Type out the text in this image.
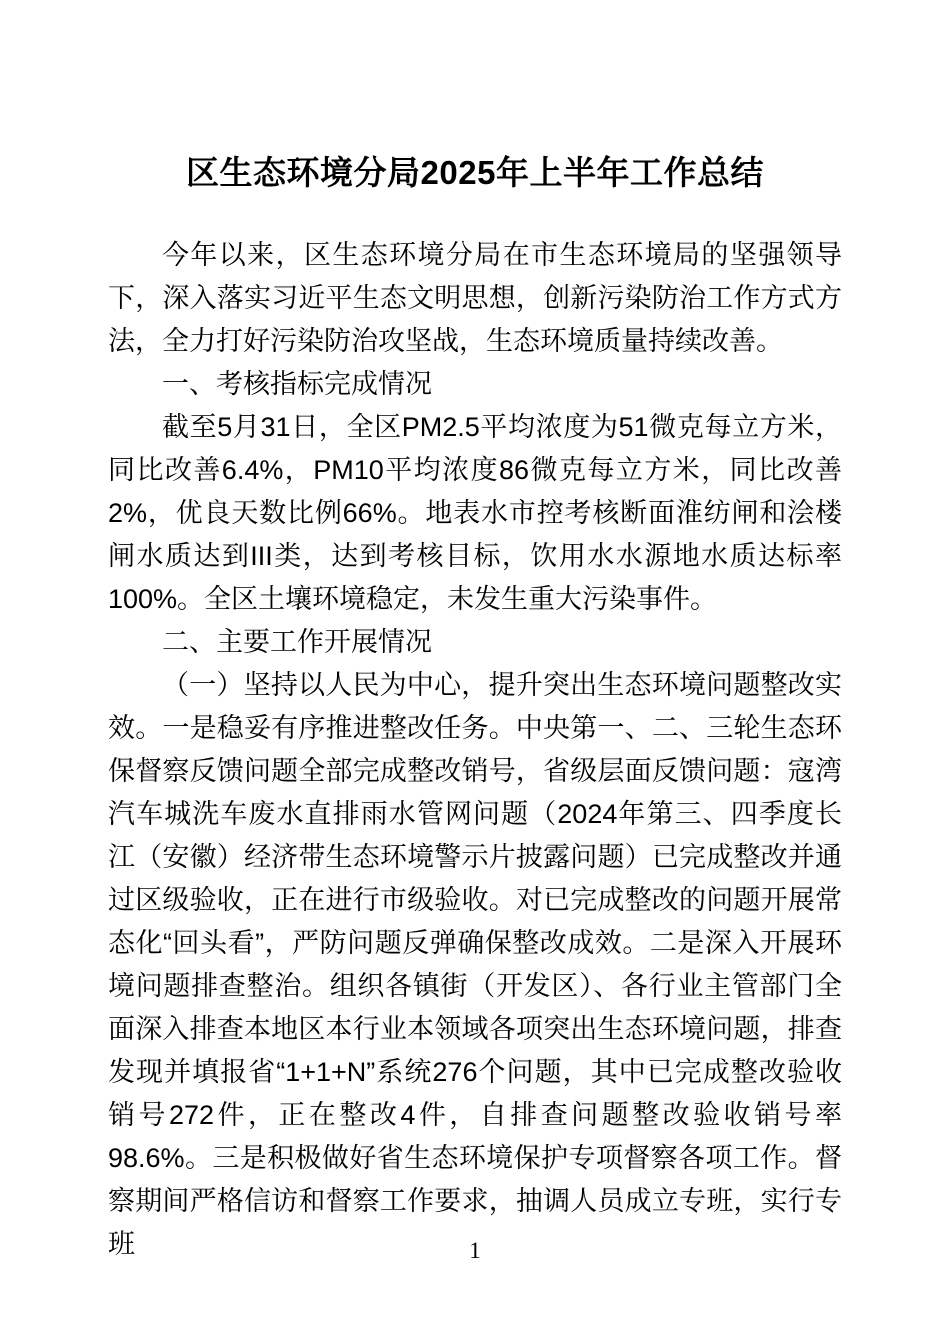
区生态环境分局2025年上半年工作总结

今年以来，区生态环境分局在市生态环境局的坚强领导下，深入落实习近平生态文明思想，创新污染防治工作方式方法，全力打好污染防治攻坚战，生态环境质量持续改善。

一、考核指标完成情况

截至5月31日，全区PM2.5平均浓度为51微克每立方米，同比改善6.4%，PM10平均浓度86微克每立方米，同比改善2%，优良天数比例66%。地表水市控考核断面淮纺闸和浍楼闸水质达到III类，达到考核目标，饮用水水源地水质达标率100%。全区土壤环境稳定，未发生重大污染事件。

二、主要工作开展情况

（一）坚持以人民为中心，提升突出生态环境问题整改实效。一是稳妥有序推进整改任务。中央第一、二、三轮生态环保督察反馈问题全部完成整改销号，省级层面反馈问题：寇湾汽车城洗车废水直排雨水管网问题（2024年第三、四季度长江（安徽）经济带生态环境警示片披露问题）已完成整改并通过区级验收，正在进行市级验收。对已完成整改的问题开展常态化“回头看”，严防问题反弹确保整改成效。二是深入开展环境问题排查整治。组织各镇街（开发区）、各行业主管部门全面深入排查本地区本行业本领域各项突出生态环境问题，排查发现并填报省“1+1+N”系统276个问题，其中已完成整改验收销号272件，正在整改4件，自排查问题整改验收销号率98.6%。三是积极做好省生态环境保护专项督察各项工作。督察期间严格信访和督察工作要求，抽调人员成立专班，实行专班	1
